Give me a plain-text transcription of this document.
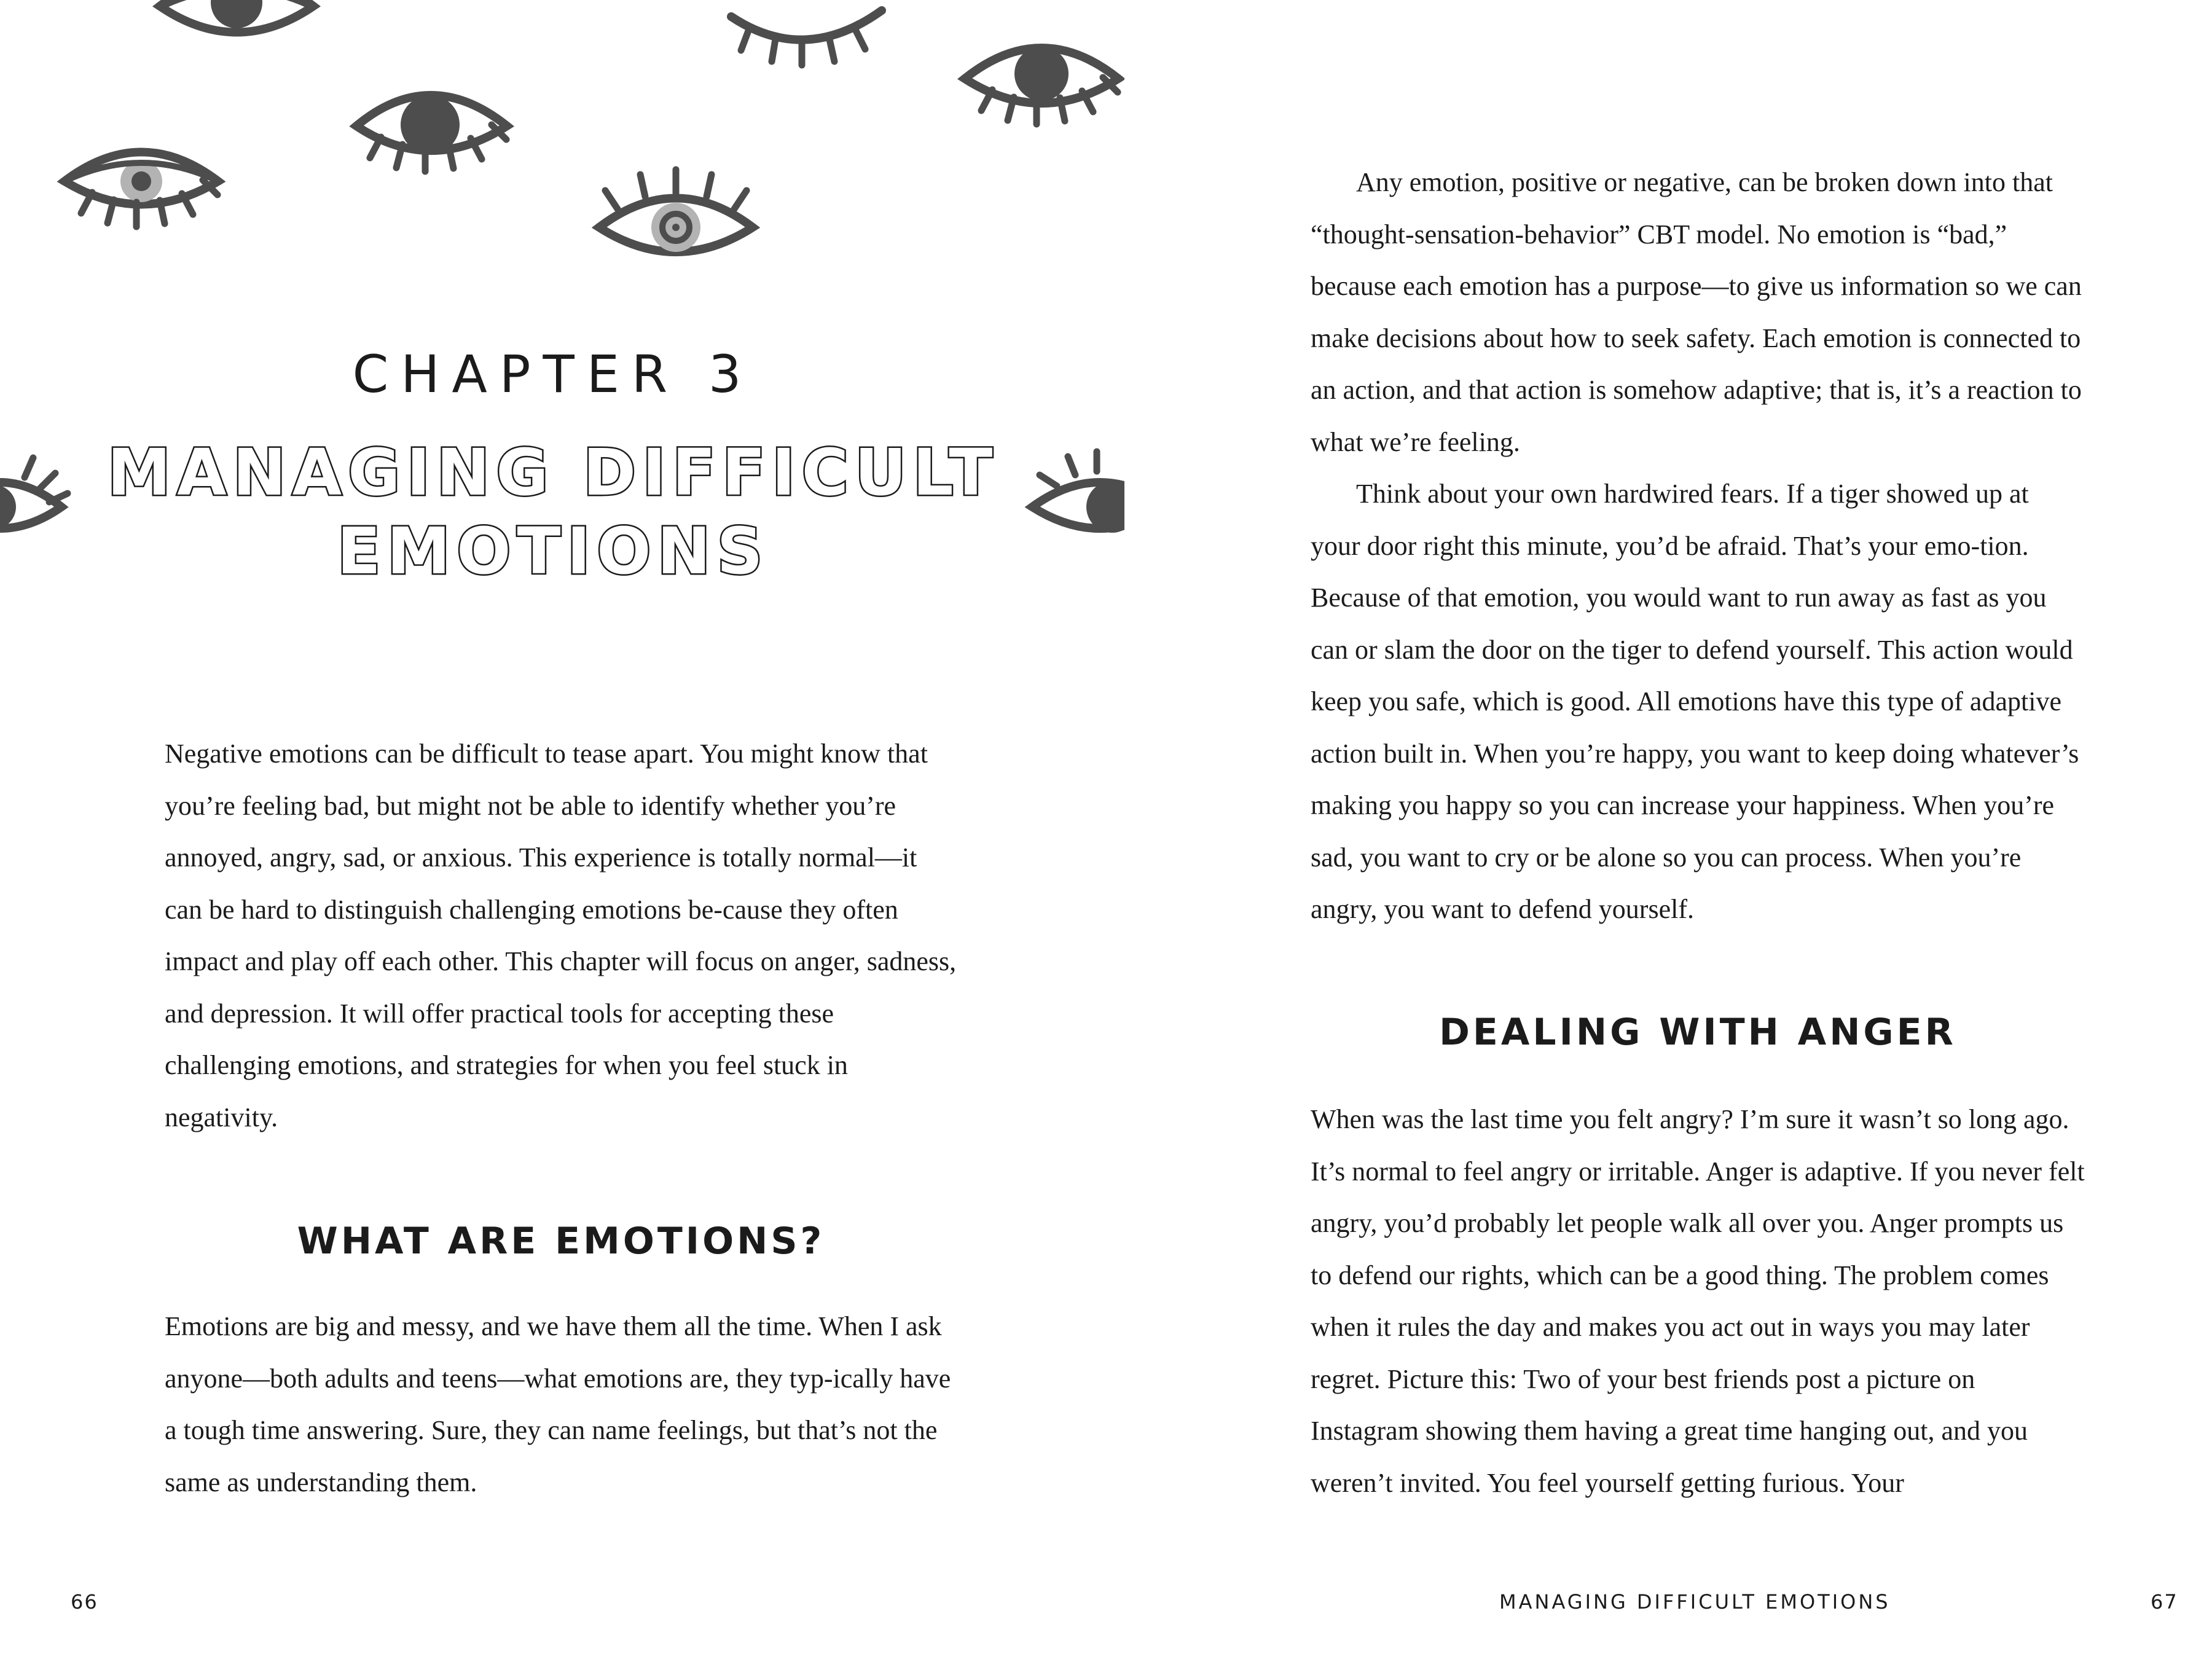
CHAPTER 3
MANAGING DIFFICULT
EMOTIONS

Negative emotions can be difficult to tease apart. You might know that you’re feeling bad, but might not be able to identify whether you’re annoyed, angry, sad, or anxious. This experience is totally normal—it can be hard to distinguish challenging emotions be-cause they often impact and play off each other. This chapter will focus on anger, sadness, and depression. It will offer practical tools for accepting these challenging emotions, and strategies for when you feel stuck in negativity.

WHAT ARE EMOTIONS?

Emotions are big and messy, and we have them all the time. When I ask anyone—both adults and teens—what emotions are, they typ-ically have a tough time answering. Sure, they can name feelings, but that’s not the same as understanding them.

66

Any emotion, positive or negative, can be broken down into that “thought-sensation-behavior” CBT model. No emotion is “bad,” because each emotion has a purpose—to give us information so we can make decisions about how to seek safety. Each emotion is connected to an action, and that action is somehow adaptive; that is, it’s a reaction to what we’re feeling.

Think about your own hardwired fears. If a tiger showed up at your door right this minute, you’d be afraid. That’s your emo-tion. Because of that emotion, you would want to run away as fast as you can or slam the door on the tiger to defend yourself. This action would keep you safe, which is good. All emotions have this type of adaptive action built in. When you’re happy, you want to keep doing whatever’s making you happy so you can increase your happiness. When you’re sad, you want to cry or be alone so you can process. When you’re angry, you want to defend yourself.

DEALING WITH ANGER

When was the last time you felt angry? I’m sure it wasn’t so long ago. It’s normal to feel angry or irritable. Anger is adaptive. If you never felt angry, you’d probably let people walk all over you. Anger prompts us to defend our rights, which can be a good thing. The problem comes when it rules the day and makes you act out in ways you may later regret. Picture this: Two of your best friends post a picture on Instagram showing them having a great time hanging out, and you weren’t invited. You feel yourself getting furious. Your

MANAGING DIFFICULT EMOTIONS	67
